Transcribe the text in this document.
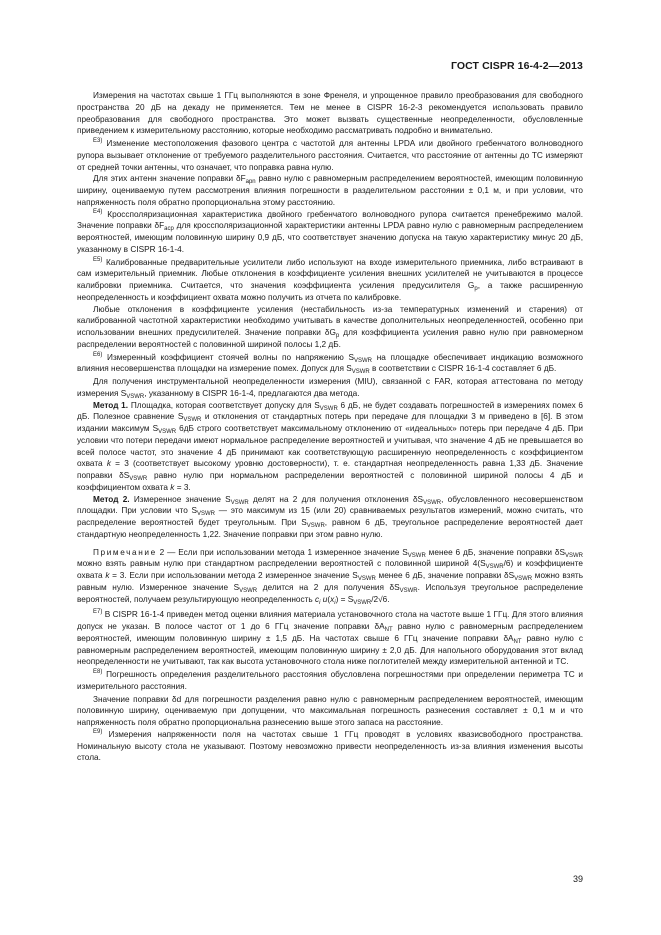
ГОСТ CISPR 16-4-2—2013

Измерения на частотах свыше 1 ГГц выполняются в зоне Френеля, и упрощенное правило преобразования для свободного пространства 20 дБ на декаду не применяется. Тем не менее в CISPR 16-2-3 рекомендуется использовать правило преобразования для свободного пространства. Это может вызвать существенные неопределенности, обусловленные приведением к измерительному расстоянию, которые необходимо рассматривать подробно и внимательно.

$^{Е3)}$ Изменение местоположения фазового центра с частотой для антенны LPDA или двойного гребенчатого волноводного рупора вызывает отклонение от требуемого разделительного расстояния. Считается, что расстояние от антенны до ТС измеряют от средней точки антенны, что означает, что поправка равна нулю.

Для этих антенн значение поправки $\delta F_{apn}$ равно нулю с равномерным распределением вероятностей, имеющим половинную ширину, оцениваемую путем рассмотрения влияния погрешности в разделительном расстоянии ± 0,1 м, и при условии, что напряженность поля обратно пропорциональна этому расстоянию.

$^{Е4)}$ Кроссполяризационная характеристика двойного гребенчатого волноводного рупора считается пренебрежимо малой. Значение поправки $\delta F_{acp}$ для кроссполяризационной характеристики антенны LPDA равно нулю с равномерным распределением вероятностей, имеющим половинную ширину 0,9 дБ, что соответствует значению допуска на такую характеристику минус 20 дБ, указанному в CISPR 16-1-4.

$^{Е5)}$ Калиброванные предварительные усилители либо используют на входе измерительного приемника, либо встраивают в сам измерительный приемник. Любые отклонения в коэффициенте усиления внешних усилителей не учитываются в процессе калибровки приемника. Считается, что значения коэффициента усиления предусилителя $G_p$, а также расширенную неопределенность и коэффициент охвата можно получить из отчета по калибровке.

Любые отклонения в коэффициенте усиления (нестабильность из-за температурных изменений и старения) от калиброванной частотной характеристики необходимо учитывать в качестве дополнительных неопределенностей, особенно при использовании внешних предусилителей. Значение поправки $\delta G_p$ для коэффициента усиления равно нулю при равномерном распределении вероятностей с половинной шириной полосы 1,2 дБ.

$^{Е6)}$ Измеренный коэффициент стоячей волны по напряжению $S_{VSWR}$ на площадке обеспечивает индикацию возможного влияния несовершенства площадки на измерение помех. Допуск для $S_{VSWR}$ в соответствии с CISPR 16-1-4 составляет 6 дБ.

Для получения инструментальной неопределенности измерения (MIU), связанной с FAR, которая аттестована по методу измерения $S_{VSWR}$, указанному в CISPR 16-1-4, предлагаются два метода.

Метод 1. Площадка, которая соответствует допуску для $S_{VSWR}$ 6 дБ, не будет создавать погрешностей в измерениях помех 6 дБ. Полезное сравнение $S_{VSWR}$ и отклонения от стандартных потерь при передаче для площадки 3 м приведено в [6]. В этом издании максимум $S_{VSWR}$ 6дБ строго соответствует максимальному отклонению от «идеальных» потерь при передаче 4 дБ. При условии что потери передачи имеют нормальное распределение вероятностей и учитывая, что значение 4 дБ не превышается во всей полосе частот, это значение 4 дБ принимают как соответствующую расширенную неопределенность с коэффициентом охвата k = 3 (соответствует высокому уровню достоверности), т. е. стандартная неопределенность равна 1,33 дБ. Значение поправки $\delta S_{VSWR}$ равно нулю при нормальном распределении вероятностей с половинной шириной полосы 4 дБ и коэффициентом охвата k = 3.

Метод 2. Измеренное значение $S_{VSWR}$ делят на 2 для получения отклонения $\delta S_{VSWR}$, обусловленного несовершенством площадки. При условии что $S_{VSWR}$ — это максимум из 15 (или 20) сравниваемых результатов измерений, можно считать, что распределение вероятностей будет треугольным. При $S_{VSWR}$, равном 6 дБ, треугольное распределение вероятностей дает стандартную неопределенность 1,22. Значение поправки при этом равно нулю.

Примечание 2 — Если при использовании метода 1 измеренное значение $S_{VSWR}$ менее 6 дБ, значение поправки $\delta S_{VSWR}$ можно взять равным нулю при стандартном распределении вероятностей с половинной шириной $4(S_{VSWR}/6)$ и коэффициенте охвата k = 3. Если при использовании метода 2 измеренное значение $S_{VSWR}$ менее 6 дБ, значение поправки $\delta S_{VSWR}$ можно взять равным нулю. Измеренное значение $S_{VSWR}$ делится на 2 для получения $\delta S_{VSWR}$. Используя треугольное распределение вероятностей, получаем результирующую неопределенность $c_i$ $u(x_i) = S_{VSWR}/2√6$.

$^{Е7)}$ В CISPR 16-1-4 приведен метод оценки влияния материала установочного стола на частоте выше 1 ГГц. Для этого влияния допуск не указан. В полосе частот от 1 до 6 ГГц значение поправки $\delta A_{NT}$ равно нулю с равномерным распределением вероятностей, имеющим половинную ширину ± 1,5 дБ. На частотах свыше 6 ГГц значение поправки $\delta A_{NT}$ равно нулю с равномерным распределением вероятностей, имеющим половинную ширину ± 2,0 дБ. Для напольного оборудования этот вклад неопределенности не учитывают, так как высота установочного стола ниже поглотителей между измерительной антенной и ТС.

$^{Е8)}$ Погрешность определения разделительного расстояния обусловлена погрешностями при определении периметра ТС и измерительного расстояния.

Значение поправки δd для погрешности разделения равно нулю с равномерным распределением вероятностей, имеющим половинную ширину, оцениваемую при допущении, что максимальная погрешность разнесения составляет ± 0,1 м и что напряженность поля обратно пропорциональна разнесению выше этого запаса на расстояние.

$^{Е9)}$ Измерения напряженности поля на частотах свыше 1 ГГц проводят в условиях квазисвободного пространства. Номинальную высоту стола не указывают. Поэтому невозможно привести неопределенность из-за влияния изменения высоты стола.

39
